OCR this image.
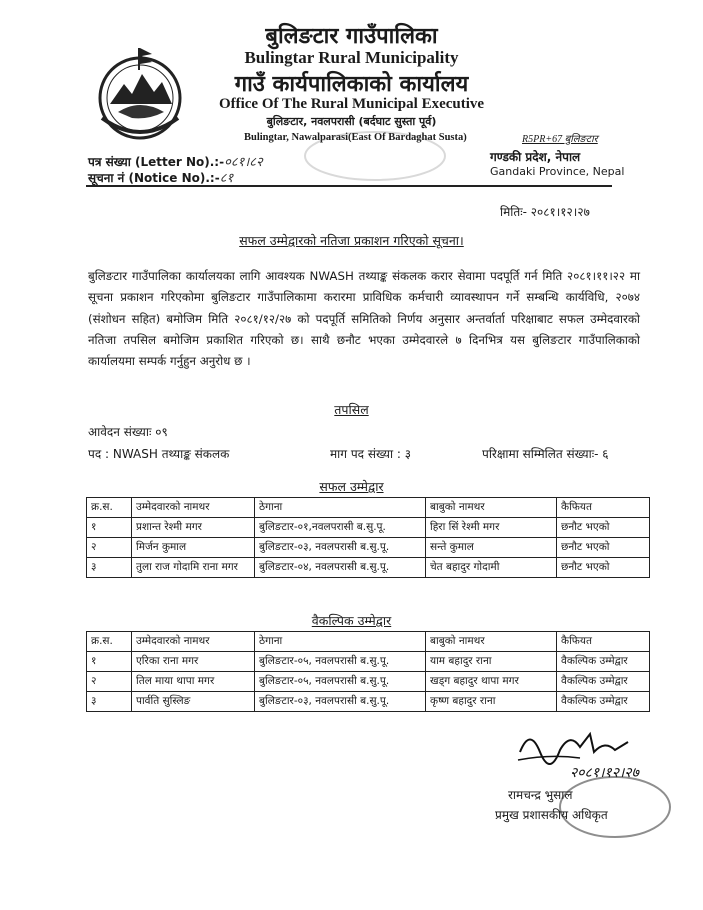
बुलिङटार गाउँपालिका
Bulingtar Rural Municipality
गाउँ कार्यपालिकाको कार्यालय
Office Of The Rural Municipal Executive
बुलिङटार, नवलपरासी (बर्दघाट सुस्ता पूर्व)
Bulingtar, Nawalparasi(East Of Bardaghat Susta)	R5PR+67 बुलिङटार
पत्र संख्या (Letter No).:-०८१।८२
सूचना नं (Notice No).:-८१
गण्डकी प्रदेश, नेपाल
Gandaki Province, Nepal
मितिः- २०८१।१२।२७
सफल उम्मेद्वारको नतिजा प्रकाशन गरिएको सूचना।
बुलिङटार गाउँपालिका कार्यालयका लागि आवश्यक NWASH तथ्याङ्क संकलक करार सेवामा पदपूर्ति गर्न मिति २०८१।११।२२ मा सूचना प्रकाशन गरिएकोमा बुलिङटार गाउँपालिकामा करारमा प्राविधिक कर्मचारी व्यावस्थापन गर्ने सम्बन्धि कार्यविधि, २०७४ (संशोधन सहित) बमोजिम मिति २०८१/१२/२७ को पदपूर्ति समितिको निर्णय अनुसार अन्तर्वार्ता परिक्षाबाट सफल उम्मेदवारको नतिजा तपसिल बमोजिम प्रकाशित गरिएको छ। साथै छनौट भएका उम्मेदवारले ७ दिनभित्र यस बुलिङटार गाउँपालिकाको कार्यालयमा सम्पर्क गर्नुहुन अनुरोध छ ।
तपसिल
आवेदन संख्याः ०९
पद : NWASH तथ्याङ्क संकलक	माग पद संख्या : ३	परिक्षामा सम्मिलित संख्याः- ६
सफल उम्मेद्वार
क्र.स.	उम्मेदवारको नामथर	ठेगाना	बाबुको नामथर	कैफियत
१	प्रशान्त रेश्मी मगर	बुलिङटार-०१,नवलपरासी ब.सु.पू.	हिरा सिं रेश्मी मगर	छनौट भएको
२	मिर्जन कुमाल	बुलिङटार-०३, नवलपरासी ब.सु.पू.	सन्ते कुमाल	छनौट भएको
३	तुला राज गोदामि राना मगर	बुलिङटार-०४, नवलपरासी ब.सु.पू.	चेत बहादुर गोदामी	छनौट भएको
वैकल्पिक उम्मेद्वार
क्र.स.	उम्मेदवारको नामथर	ठेगाना	बाबुको नामथर	कैफियत
१	एरिका राना मगर	बुलिङटार-०५, नवलपरासी ब.सु.पू.	याम बहादुर राना	वैकल्पिक उम्मेद्वार
२	तिल माया थापा मगर	बुलिङटार-०५, नवलपरासी ब.सु.पू.	खड्ग बहादुर थापा मगर	वैकल्पिक उम्मेद्वार
३	पार्वति सुस्लिङ	बुलिङटार-०३, नवलपरासी ब.सु.पू.	कृष्ण बहादुर राना	वैकल्पिक उम्मेद्वार
२०८१।१२।२७
रामचन्द्र भुसाल
प्रमुख प्रशासकीय अधिकृत
